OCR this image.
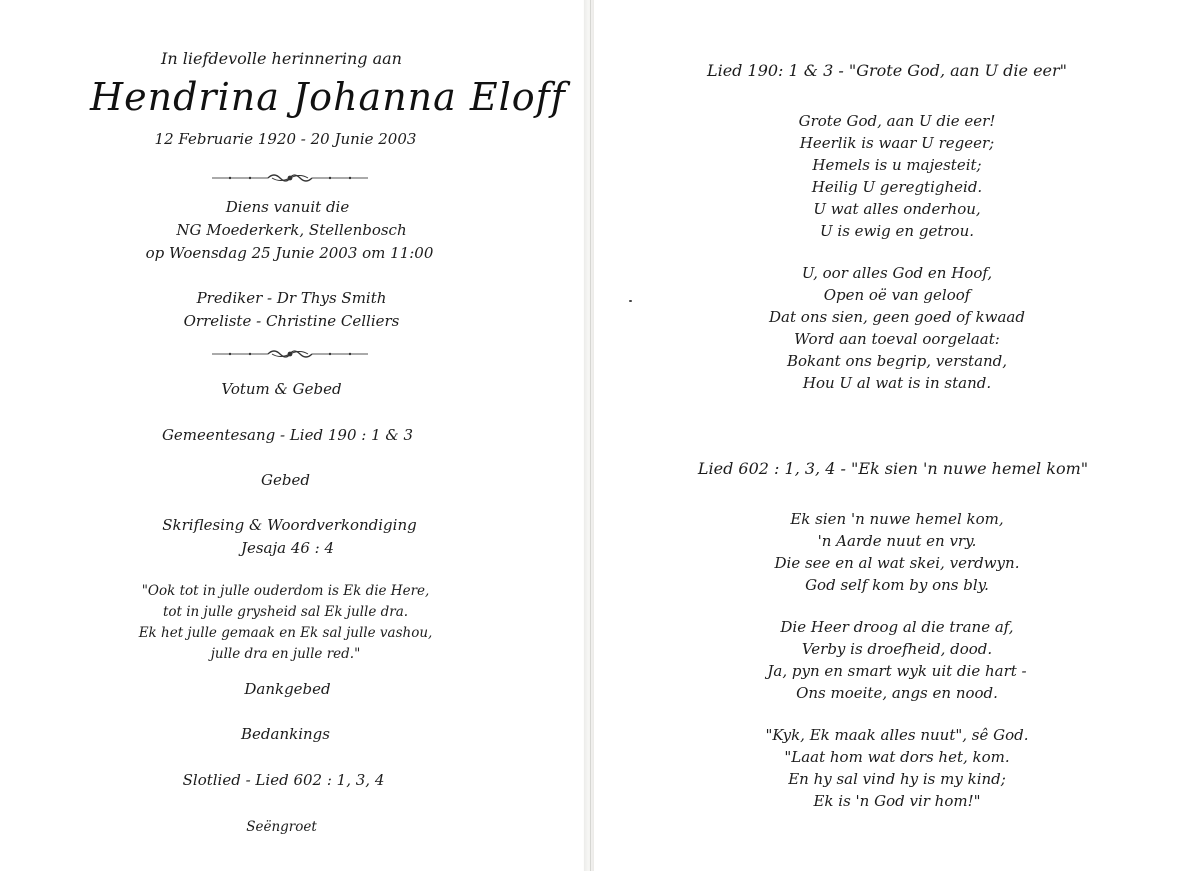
In liefdevolle herinnering aan
Hendrina Johanna Eloff
12 Februarie 1920 - 20 Junie 2003
Diens vanuit die
NG Moederkerk, Stellenbosch
op Woensdag 25 Junie 2003 om 11:00
Prediker - Dr Thys Smith
Orreliste - Christine Celliers
Votum & Gebed
Gemeentesang - Lied 190 : 1 & 3
Gebed
Skriflesing & Woordverkondiging
Jesaja 46 : 4
"Ook tot in julle ouderdom is Ek die Here,
tot in julle grysheid sal Ek julle dra.
Ek het julle gemaak en Ek sal julle vashou,
julle dra en julle red."
Dankgebed
Bedankings
Slotlied - Lied 602 : 1, 3, 4
Seëngroet
Lied 190: 1 & 3 - "Grote God, aan U die eer"
Grote God, aan U die eer!
Heerlik is waar U regeer;
Hemels is u majesteit;
Heilig U geregtigheid.
U wat alles onderhou,
U is ewig en getrou.
U, oor alles God en Hoof,
Open oë van geloof
Dat ons sien, geen goed of kwaad
Word aan toeval oorgelaat:
Bokant ons begrip, verstand,
Hou U al wat is in stand.
Lied 602 : 1, 3, 4 - "Ek sien 'n nuwe hemel kom"
Ek sien 'n nuwe hemel kom,
'n Aarde nuut en vry.
Die see en al wat skei, verdwyn.
God self kom by ons bly.
Die Heer droog al die trane af,
Verby is droefheid, dood.
Ja, pyn en smart wyk uit die hart -
Ons moeite, angs en nood.
"Kyk, Ek maak alles nuut", sê God.
"Laat hom wat dors het, kom.
En hy sal vind hy is my kind;
Ek is 'n God vir hom!"
